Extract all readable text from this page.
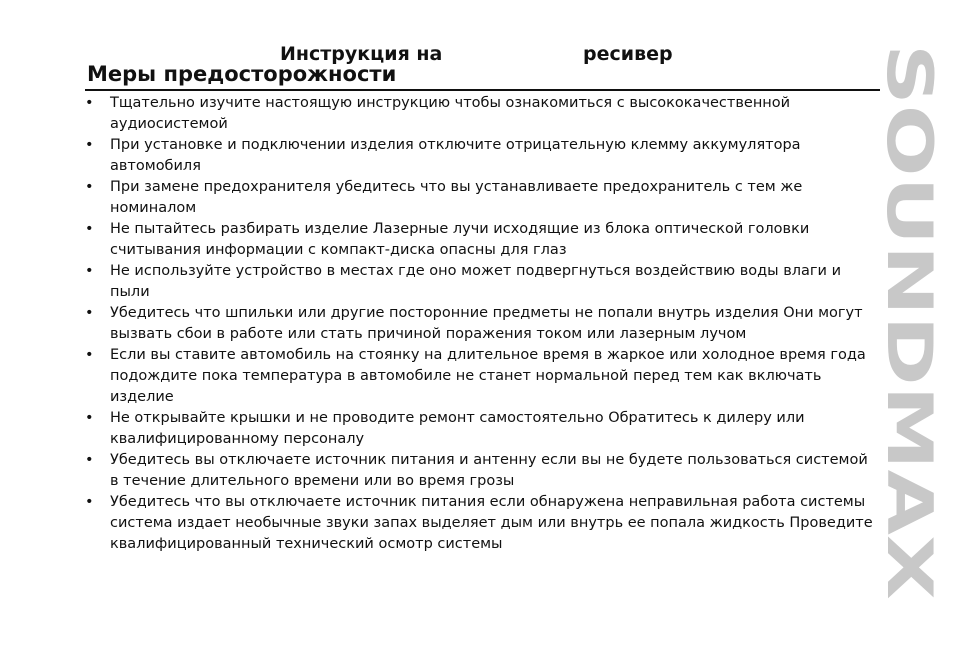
Инструкция на	ресивер
Меры предосторожности
• Тщательно изучите настоящую инструкцию чтобы ознакомиться с высококачественной аудиосистемой
• При установке и подключении изделия отключите отрицательную клемму аккумулятора автомобиля
• При замене предохранителя убедитесь что вы устанавливаете предохранитель с тем же номиналом
• Не пытайтесь разбирать изделие Лазерные лучи исходящие из блока оптической головки считывания информации с компакт-диска опасны для глаз
• Не используйте устройство в местах где оно может подвергнуться воздействию воды влаги и пыли
• Убедитесь что шпильки или другие посторонние предметы не попали внутрь изделия Они могут вызвать сбои в работе или стать причиной поражения током или лазерным лучом
• Если вы ставите автомобиль на стоянку на длительное время в жаркое или холодное время года подождите пока температура в автомобиле не станет нормальной перед тем как включать изделие
• Не открывайте крышки и не проводите ремонт самостоятельно Обратитесь к дилеру или квалифицированному персоналу
• Убедитесь вы отключаете источник питания и антенну если вы не будете пользоваться системой в течение длительного времени или во время грозы
• Убедитесь что вы отключаете источник питания если обнаружена неправильная работа системы система издает необычные звуки запах выделяет дым или внутрь ее попала жидкость Проведите квалифицированный технический осмотр системы
SOUNDMAX
